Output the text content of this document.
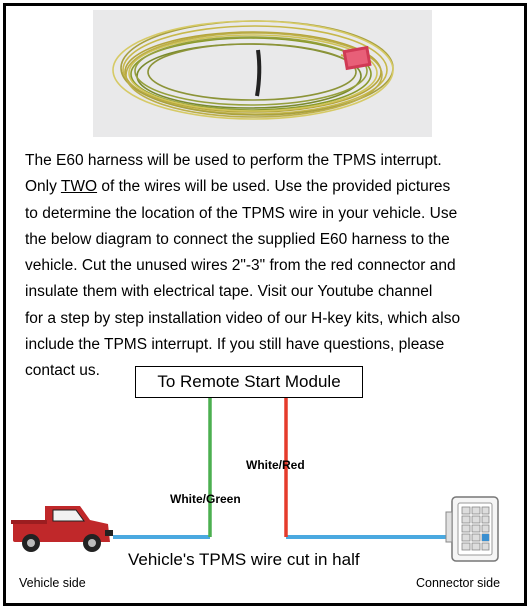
The E60 harness will be used to perform the TPMS interrupt.

Only TWO of the wires will be used. Use the provided pictures

to determine the location of the TPMS wire in your vehicle. Use

the below diagram to connect the supplied E60 harness to the

vehicle. Cut the unused wires 2"-3" from the red connector and

insulate them with electrical tape. Visit our Youtube channel

for a step by step installation video of our H-key kits, which also

include the TPMS interrupt. If you still have questions, please

contact us.

To Remote Start Module
White/Red
White/Green
Vehicle's TPMS wire cut in half
Vehicle side	Connector side
